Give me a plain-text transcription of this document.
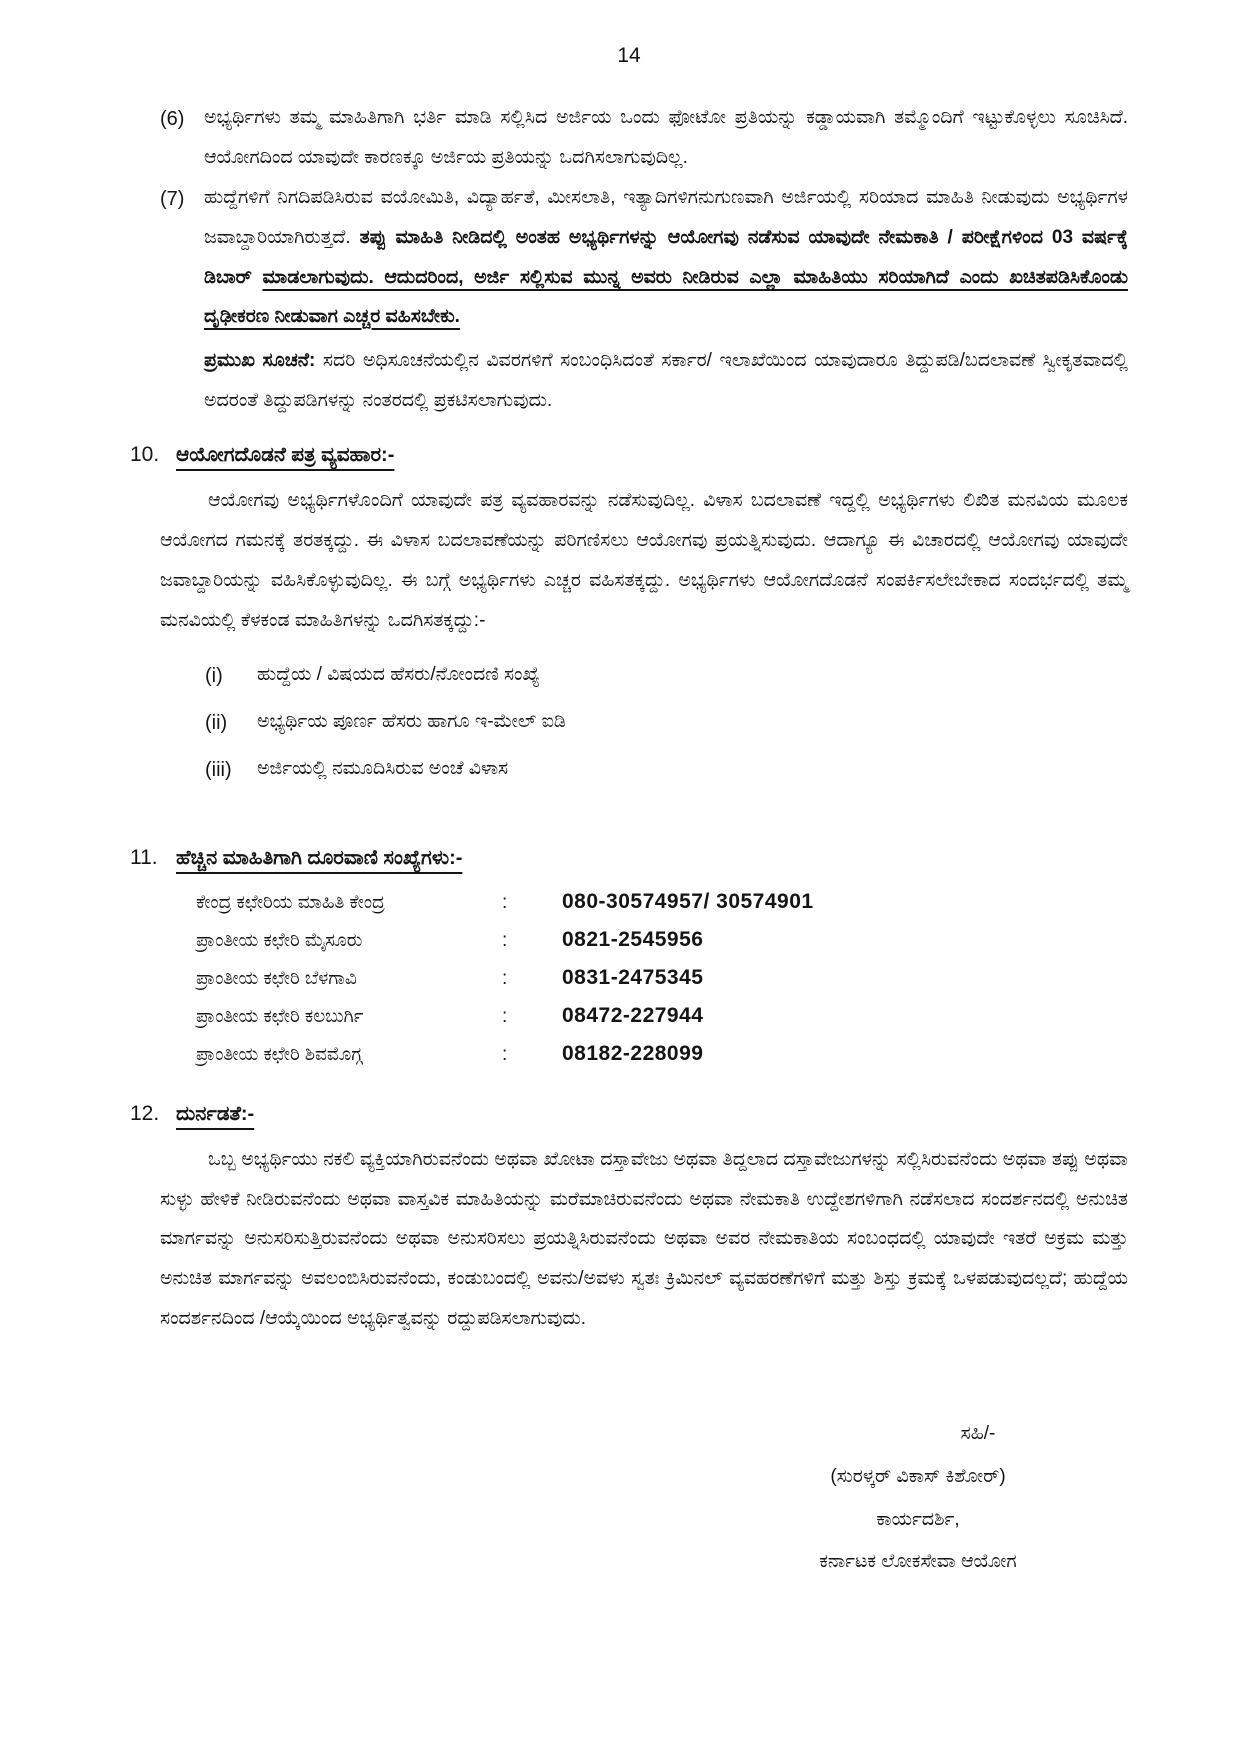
14
(6)	ಅಭ್ಯರ್ಥಿಗಳು ತಮ್ಮ ಮಾಹಿತಿಗಾಗಿ ಭರ್ತಿ ಮಾಡಿ ಸಲ್ಲಿಸಿದ ಅರ್ಜಿಯ ಒಂದು ಫೋಟೋ ಪ್ರತಿಯನ್ನು ಕಡ್ಡಾಯವಾಗಿ ತಮ್ಮೊಂದಿಗೆ ಇಟ್ಟುಕೊಳ್ಳಲು ಸೂಚಿಸಿದೆ. ಆಯೋಗದಿಂದ ಯಾವುದೇ ಕಾರಣಕ್ಕೂ ಅರ್ಜಿಯ ಪ್ರತಿಯನ್ನು ಒದಗಿಸಲಾಗುವುದಿಲ್ಲ.
(7)	ಹುದ್ದೆಗಳಿಗೆ ನಿಗದಿಪಡಿಸಿರುವ ವಯೋಮಿತಿ, ವಿದ್ಯಾರ್ಹತೆ, ಮೀಸಲಾತಿ, ಇತ್ಯಾದಿಗಳಿಗನುಗುಣವಾಗಿ ಅರ್ಜಿಯಲ್ಲಿ ಸರಿಯಾದ ಮಾಹಿತಿ ನೀಡುವುದು ಅಭ್ಯರ್ಥಿಗಳ ಜವಾಬ್ದಾರಿಯಾಗಿರುತ್ತದೆ. ತಪ್ಪು ಮಾಹಿತಿ ನೀಡಿದಲ್ಲಿ ಅಂತಹ ಅಭ್ಯರ್ಥಿಗಳನ್ನು ಆಯೋಗವು ನಡೆಸುವ ಯಾವುದೇ ನೇಮಕಾತಿ / ಪರೀಕ್ಷೆಗಳಿಂದ 03 ವರ್ಷಕ್ಕೆ ಡಿಬಾರ್ ಮಾಡಲಾಗುವುದು. ಆದುದರಿಂದ, ಅರ್ಜಿ ಸಲ್ಲಿಸುವ ಮುನ್ನ ಅವರು ನೀಡಿರುವ ಎಲ್ಲಾ ಮಾಹಿತಿಯು ಸರಿಯಾಗಿದೆ ಎಂದು ಖಚಿತಪಡಿಸಿಕೊಂಡು ದೃಢೀಕರಣ ನೀಡುವಾಗ ಎಚ್ಚರ ವಹಿಸಬೇಕು.
ಪ್ರಮುಖ ಸೂಚನೆ: ಸದರಿ ಅಧಿಸೂಚನೆಯಲ್ಲಿನ ವಿವರಗಳಿಗೆ ಸಂಬಂಧಿಸಿದಂತೆ ಸರ್ಕಾರ/ ಇಲಾಖೆಯಿಂದ ಯಾವುದಾರೂ ತಿದ್ದುಪಡಿ/ಬದಲಾವಣೆ ಸ್ವೀಕೃತವಾದಲ್ಲಿ ಅದರಂತೆ ತಿದ್ದುಪಡಿಗಳನ್ನು ನಂತರದಲ್ಲಿ ಪ್ರಕಟಿಸಲಾಗುವುದು.
10. ಆಯೋಗದೊಡನೆ ಪತ್ರ ವ್ಯವಹಾರ:-
ಆಯೋಗವು ಅಭ್ಯರ್ಥಿಗಳೊಂದಿಗೆ ಯಾವುದೇ ಪತ್ರ ವ್ಯವಹಾರವನ್ನು ನಡೆಸುವುದಿಲ್ಲ. ವಿಳಾಸ ಬದಲಾವಣೆ ಇದ್ದಲ್ಲಿ ಅಭ್ಯರ್ಥಿಗಳು ಲಿಖಿತ ಮನವಿಯ ಮೂಲಕ ಆಯೋಗದ ಗಮನಕ್ಕೆ ತರತಕ್ಕದ್ದು. ಈ ವಿಳಾಸ ಬದಲಾವಣೆಯನ್ನು ಪರಿಗಣಿಸಲು ಆಯೋಗವು ಪ್ರಯತ್ನಿಸುವುದು. ಆದಾಗ್ಯೂ ಈ ವಿಚಾರದಲ್ಲಿ ಆಯೋಗವು ಯಾವುದೇ ಜವಾಬ್ದಾರಿಯನ್ನು ವಹಿಸಿಕೊಳ್ಳುವುದಿಲ್ಲ. ಈ ಬಗ್ಗೆ ಅಭ್ಯರ್ಥಿಗಳು ಎಚ್ಚರ ವಹಿಸತಕ್ಕದ್ದು. ಅಭ್ಯರ್ಥಿಗಳು ಆಯೋಗದೊಡನೆ ಸಂಪರ್ಕಿಸಲೇಬೇಕಾದ ಸಂದರ್ಭದಲ್ಲಿ ತಮ್ಮ ಮನವಿಯಲ್ಲಿ ಕೆಳಕಂಡ ಮಾಹಿತಿಗಳನ್ನು ಒದಗಿಸತಕ್ಕದ್ದು:-
(i)	ಹುದ್ದೆಯ / ವಿಷಯದ ಹೆಸರು/ನೋಂದಣಿ ಸಂಖ್ಯೆ
(ii)	ಅಭ್ಯರ್ಥಿಯ ಪೂರ್ಣ ಹೆಸರು ಹಾಗೂ ಇ-ಮೇಲ್ ಐಡಿ
(iii)	ಅರ್ಜಿಯಲ್ಲಿ ನಮೂದಿಸಿರುವ ಅಂಚೆ ವಿಳಾಸ
11. ಹೆಚ್ಚಿನ ಮಾಹಿತಿಗಾಗಿ ದೂರವಾಣಿ ಸಂಖ್ಯೆಗಳು:-
ಕೇಂದ್ರ ಕಛೇರಿಯ ಮಾಹಿತಿ ಕೇಂದ್ರ	:	080-30574957/ 30574901
ಪ್ರಾಂತೀಯ ಕಛೇರಿ ಮೈಸೂರು	:	0821-2545956
ಪ್ರಾಂತೀಯ ಕಛೇರಿ ಬೆಳಗಾವಿ	:	0831-2475345
ಪ್ರಾಂತೀಯ ಕಛೇರಿ ಕಲಬುರ್ಗಿ	:	08472-227944
ಪ್ರಾಂತೀಯ ಕಛೇರಿ ಶಿವಮೊಗ್ಗ	:	08182-228099
12. ದುರ್ನಡತೆ:-
ಒಬ್ಬ ಅಭ್ಯರ್ಥಿಯು ನಕಲಿ ವ್ಯಕ್ತಿಯಾಗಿರುವನೆಂದು ಅಥವಾ ಖೋಟಾ ದಸ್ತಾವೇಜು ಅಥವಾ ತಿದ್ದಲಾದ ದಸ್ತಾವೇಜುಗಳನ್ನು ಸಲ್ಲಿಸಿರುವನೆಂದು ಅಥವಾ ತಪ್ಪು ಅಥವಾ ಸುಳ್ಳು ಹೇಳಿಕೆ ನೀಡಿರುವನೆಂದು ಅಥವಾ ವಾಸ್ತವಿಕ ಮಾಹಿತಿಯನ್ನು ಮರೆಮಾಚಿರುವನೆಂದು ಅಥವಾ ನೇಮಕಾತಿ ಉದ್ದೇಶಗಳಿಗಾಗಿ ನಡೆಸಲಾದ ಸಂದರ್ಶನದಲ್ಲಿ ಅನುಚಿತ ಮಾರ್ಗವನ್ನು ಅನುಸರಿಸುತ್ತಿರುವನೆಂದು ಅಥವಾ ಅನುಸರಿಸಲು ಪ್ರಯತ್ನಿಸಿರುವನೆಂದು ಅಥವಾ ಅವರ ನೇಮಕಾತಿಯ ಸಂಬಂಧದಲ್ಲಿ ಯಾವುದೇ ಇತರೆ ಅಕ್ರಮ ಮತ್ತು ಅನುಚಿತ ಮಾರ್ಗವನ್ನು ಅವಲಂಬಿಸಿರುವನೆಂದು, ಕಂಡುಬಂದಲ್ಲಿ ಅವನು/ಅವಳು ಸ್ವತಃ ಕ್ರಿಮಿನಲ್ ವ್ಯವಹರಣೆಗಳಿಗೆ ಮತ್ತು ಶಿಸ್ತು ಕ್ರಮಕ್ಕೆ ಒಳಪಡುವುದಲ್ಲದೆ; ಹುದ್ದೆಯ ಸಂದರ್ಶನದಿಂದ /ಆಯ್ಕೆಯಿಂದ ಅಭ್ಯರ್ಥಿತ್ವವನ್ನು ರದ್ದುಪಡಿಸಲಾಗುವುದು.
ಸಹಿ/-
(ಸುರಳ್ಕರ್ ವಿಕಾಸ್ ಕಿಶೋರ್)
ಕಾರ್ಯದರ್ಶಿ,
ಕರ್ನಾಟಕ ಲೋಕಸೇವಾ ಆಯೋಗ
